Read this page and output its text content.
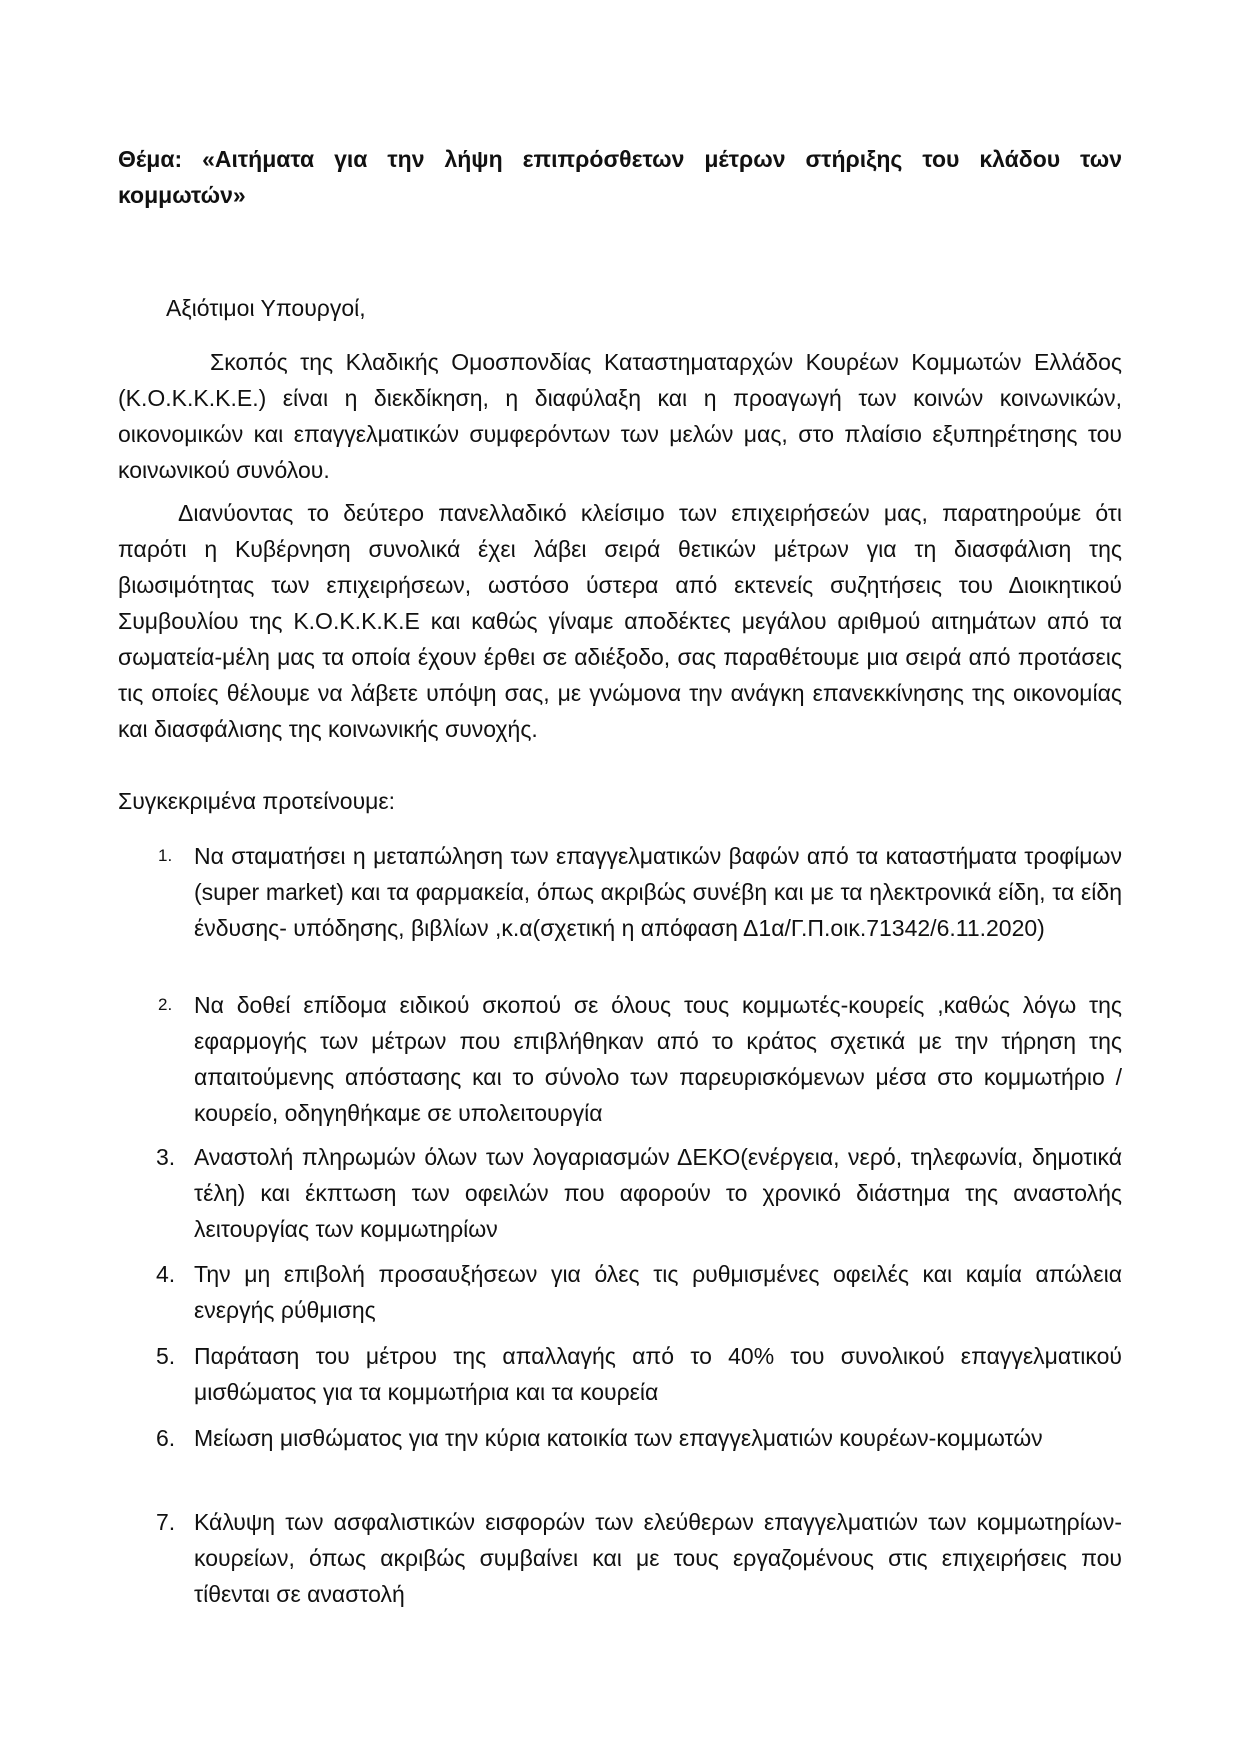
Θέμα: «Αιτήματα για την λήψη επιπρόσθετων μέτρων στήριξης του κλάδου των
κομμωτών»
Αξιότιμοι Υπουργοί,

Σκοπός της Κλαδικής Ομοσπονδίας Καταστηματαρχών Κουρέων Κομμωτών Ελλάδος (Κ.Ο.Κ.Κ.Κ.Ε.) είναι η διεκδίκηση, η διαφύλαξη και η προαγωγή των κοινών κοινωνικών, οικονομικών και επαγγελματικών συμφερόντων των μελών μας, στο πλαίσιο εξυπηρέτησης του κοινωνικού συνόλου.

Διανύοντας το δεύτερο πανελλαδικό κλείσιμο των επιχειρήσεών μας, παρατηρούμε ότι παρότι η Κυβέρνηση συνολικά έχει λάβει σειρά θετικών μέτρων για τη διασφάλιση της βιωσιμότητας των επιχειρήσεων, ωστόσο ύστερα από εκτενείς συζητήσεις του Διοικητικού Συμβουλίου της Κ.Ο.Κ.Κ.Κ.Ε και καθώς γίναμε αποδέκτες μεγάλου αριθμού αιτημάτων από τα σωματεία-μέλη μας τα οποία έχουν έρθει σε αδιέξοδο, σας παραθέτουμε μια σειρά από προτάσεις τις οποίες θέλουμε να λάβετε υπόψη σας, με γνώμονα την ανάγκη επανεκκίνησης της οικονομίας και διασφάλισης της κοινωνικής συνοχής.

Συγκεκριμένα προτείνουμε:
1. Να σταματήσει η μεταπώληση των επαγγελματικών βαφών από τα καταστήματα τροφίμων (super market) και τα φαρμακεία, όπως ακριβώς συνέβη και με τα ηλεκτρονικά είδη, τα είδη ένδυσης- υπόδησης, βιβλίων ,κ.α(σχετική η απόφαση Δ1α/Γ.Π.οικ.71342/6.11.2020)
2. Να δοθεί επίδομα ειδικού σκοπού σε όλους τους κομμωτές-κουρείς ,καθώς λόγω της εφαρμογής των μέτρων που επιβλήθηκαν από το κράτος σχετικά με την τήρηση της απαιτούμενης απόστασης και το σύνολο των παρευρισκόμενων μέσα στο κομμωτήριο /κουρείο, οδηγηθήκαμε σε υπολειτουργία
3. Αναστολή πληρωμών όλων των λογαριασμών ΔΕΚΟ(ενέργεια, νερό, τηλεφωνία, δημοτικά τέλη) και έκπτωση των οφειλών που αφορούν το χρονικό διάστημα της αναστολής λειτουργίας των κομμωτηρίων
4. Την μη επιβολή προσαυξήσεων για όλες τις ρυθμισμένες οφειλές και καμία απώλεια ενεργής ρύθμισης
5. Παράταση του μέτρου της απαλλαγής από το 40% του συνολικού επαγγελματικού μισθώματος για τα κομμωτήρια και τα κουρεία
6. Μείωση μισθώματος για την κύρια κατοικία των επαγγελματιών κουρέων-κομμωτών
7. Κάλυψη των ασφαλιστικών εισφορών των ελεύθερων επαγγελματιών των κομμωτηρίων-κουρείων, όπως ακριβώς συμβαίνει και με τους εργαζομένους στις επιχειρήσεις που τίθενται σε αναστολή
